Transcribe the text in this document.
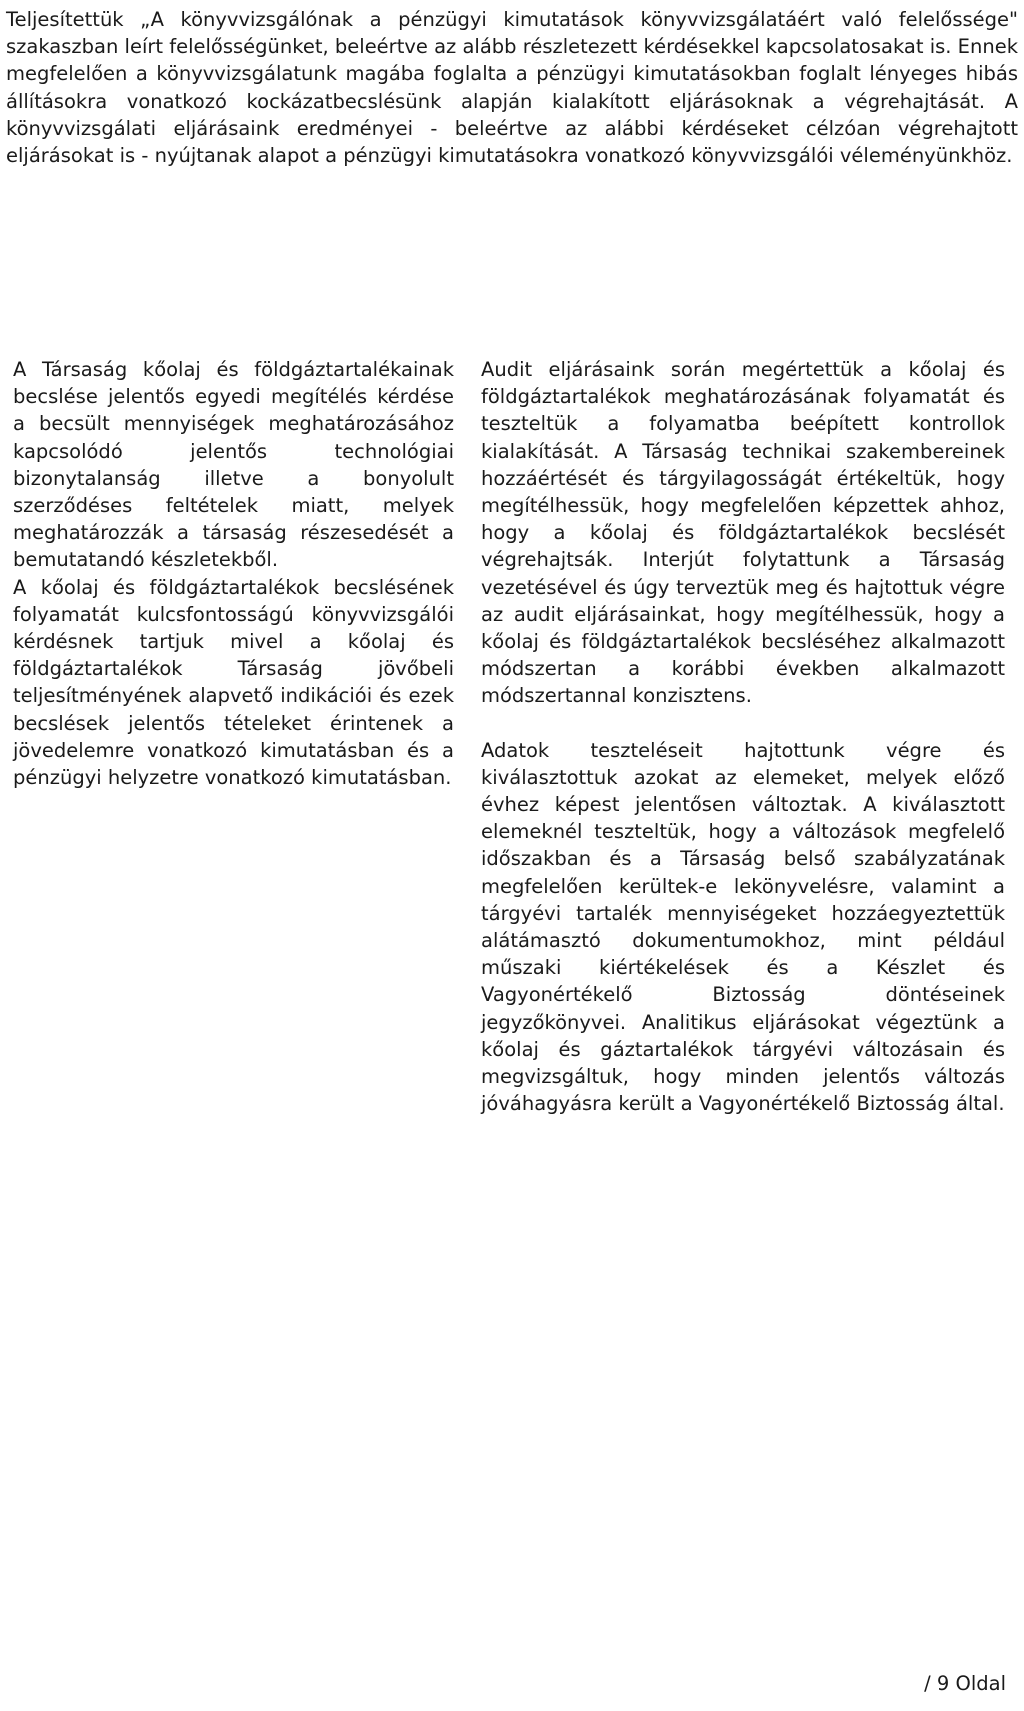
Teljesítettük „A könyvvizsgálónak a pénzügyi kimutatások könyvvizsgálatáért való felelőssége" szakaszban leírt felelősségünket, beleértve az alább részletezett kérdésekkel kapcsolatosakat is. Ennek megfelelően a könyvvizsgálatunk magába foglalta a pénzügyi kimutatásokban foglalt lényeges hibás állításokra vonatkozó kockázatbecslésünk alapján kialakított eljárásoknak a végrehajtását. A könyvvizsgálati eljárásaink eredményei - beleértve az alábbi kérdéseket célzóan végrehajtott eljárásokat is - nyújtanak alapot a pénzügyi kimutatásokra vonatkozó könyvvizsgálói véleményünkhöz.

A Társaság kőolaj és földgáztartalékainak becslése jelentős egyedi megítélés kérdése a becsült mennyiségek meghatározásához kapcsolódó jelentős technológiai bizonytalanság illetve a bonyolult szerződéses feltételek miatt, melyek meghatározzák a társaság részesedését a bemutatandó készletekből.

A kőolaj és földgáztartalékok becslésének folyamatát kulcsfontosságú könyvvizsgálói kérdésnek tartjuk mivel a kőolaj és földgáztartalékok Társaság jövőbeli teljesítményének alapvető indikációi és ezek becslések jelentős tételeket érintenek a jövedelemre vonatkozó kimutatásban és a pénzügyi helyzetre vonatkozó kimutatásban.

Audit eljárásaink során megértettük a kőolaj és földgáztartalékok meghatározásának folyamatát és teszteltük a folyamatba beépített kontrollok kialakítását. A Társaság technikai szakembereinek hozzáértését és tárgyilagosságát értékeltük, hogy megítélhessük, hogy megfelelően képzettek ahhoz, hogy a kőolaj és földgáztartalékok becslését végrehajtsák. Interjút folytattunk a Társaság vezetésével és úgy terveztük meg és hajtottuk végre az audit eljárásainkat, hogy megítélhessük, hogy a kőolaj és földgáztartalékok becsléséhez alkalmazott módszertan a korábbi években alkalmazott módszertannal konzisztens.

Adatok teszteléseit hajtottunk végre és kiválasztottuk azokat az elemeket, melyek előző évhez képest jelentősen változtak. A kiválasztott elemeknél teszteltük, hogy a változások megfelelő időszakban és a Társaság belső szabályzatának megfelelően kerültek-e lekönyvelésre, valamint a tárgyévi tartalék mennyiségeket hozzáegyeztettük alátámasztó dokumentumokhoz, mint például műszaki kiértékelések és a Készlet és Vagyonértékelő Biztosság döntéseinek jegyzőkönyvei. Analitikus eljárásokat végeztünk a kőolaj és gáztartalékok tárgyévi változásain és megvizsgáltuk, hogy minden jelentős változás jóváhagyásra került a Vagyonértékelő Biztosság által.

/ 9 Oldal
